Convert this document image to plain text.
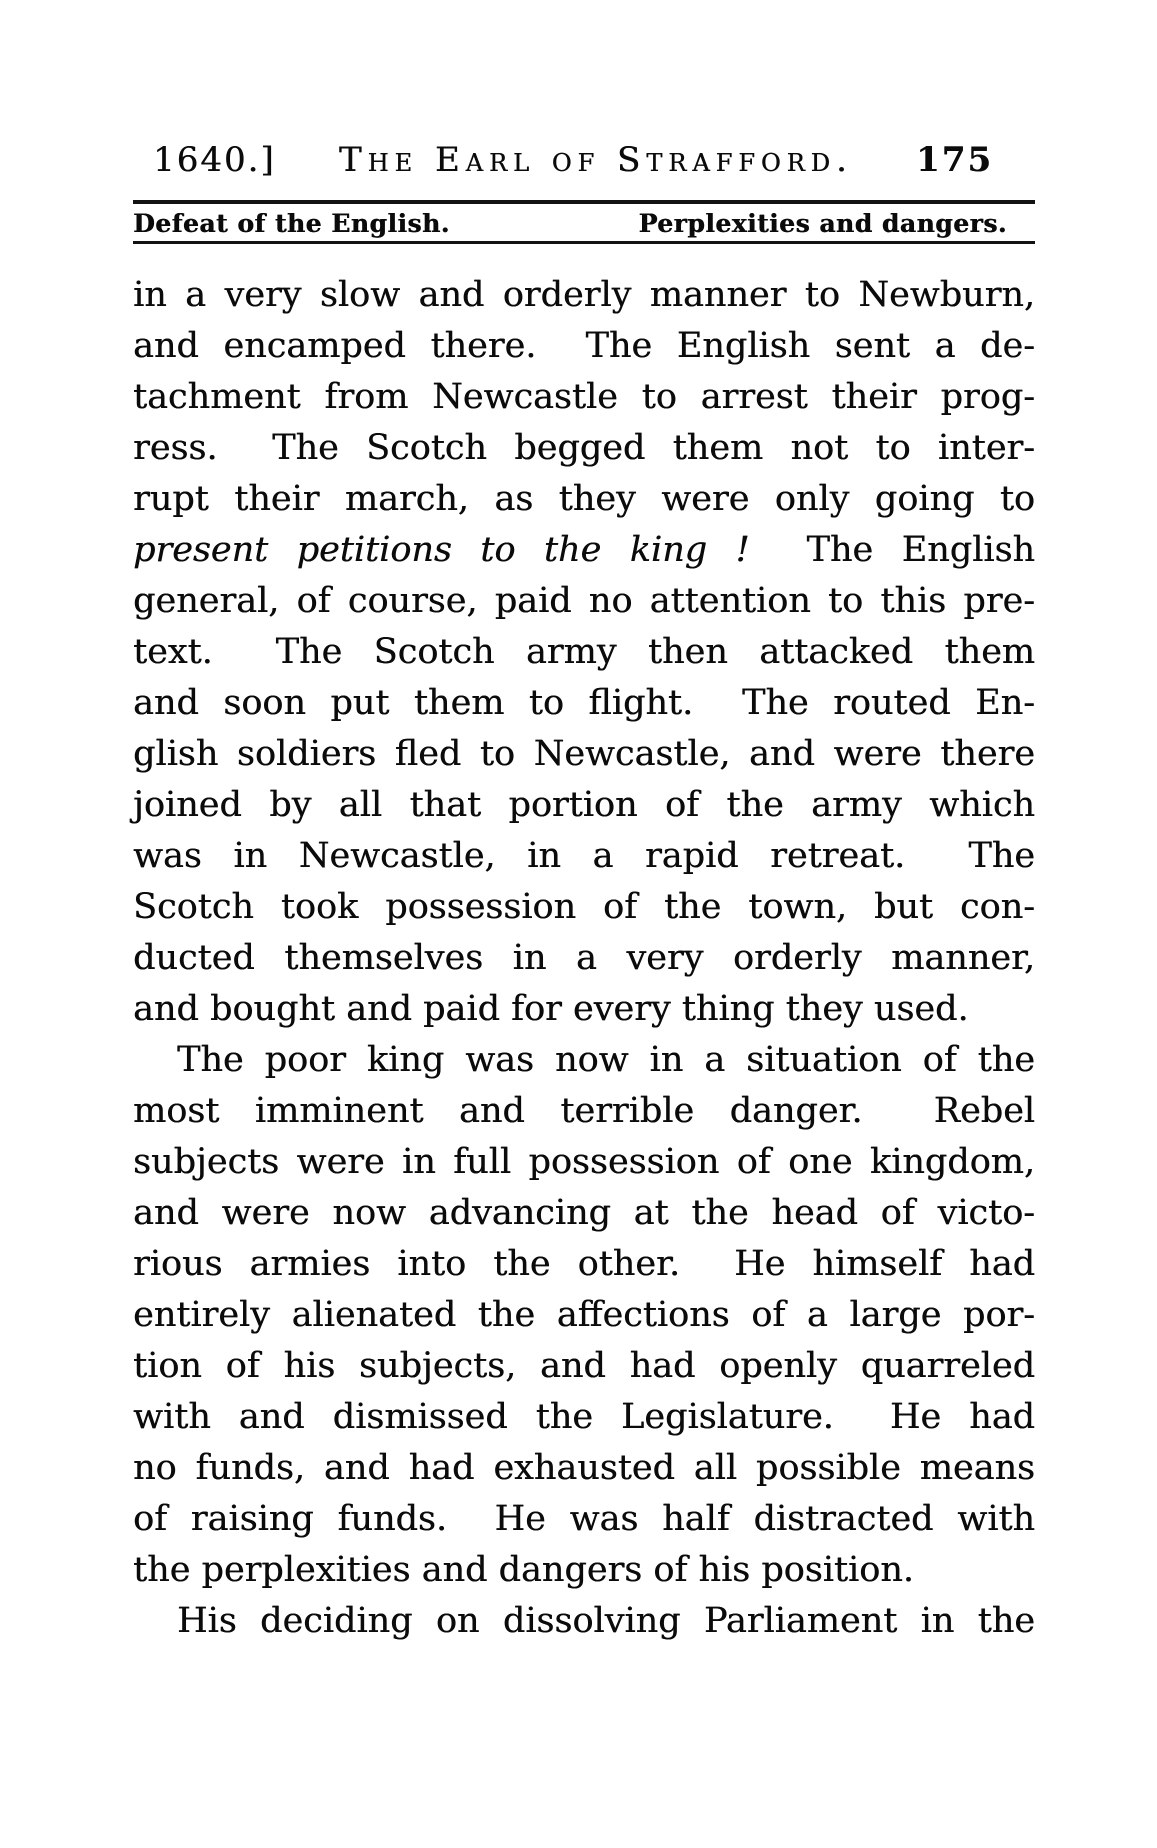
1640.] The Earl of Strafford. 175
Defeat of the English.	Perplexities and dangers.
in a very slow and orderly manner to Newburn,
and encamped there.  The English sent a de-
tachment from Newcastle to arrest their prog-
ress.  The Scotch begged them not to inter-
rupt their march, as they were only going to
present petitions to the king !  The English
general, of course, paid no attention to this pre-
text.  The Scotch army then attacked them
and soon put them to flight.  The routed En-
glish soldiers fled to Newcastle, and were there
joined by all that portion of the army which
was in Newcastle, in a rapid retreat.  The
Scotch took possession of the town, but con-
ducted themselves in a very orderly manner,
and bought and paid for every thing they used.
The poor king was now in a situation of the
most imminent and terrible danger.  Rebel
subjects were in full possession of one kingdom,
and were now advancing at the head of victo-
rious armies into the other.  He himself had
entirely alienated the affections of a large por-
tion of his subjects, and had openly quarreled
with and dismissed the Legislature.  He had
no funds, and had exhausted all possible means
of raising funds.  He was half distracted with
the perplexities and dangers of his position.
His deciding on dissolving Parliament in the
